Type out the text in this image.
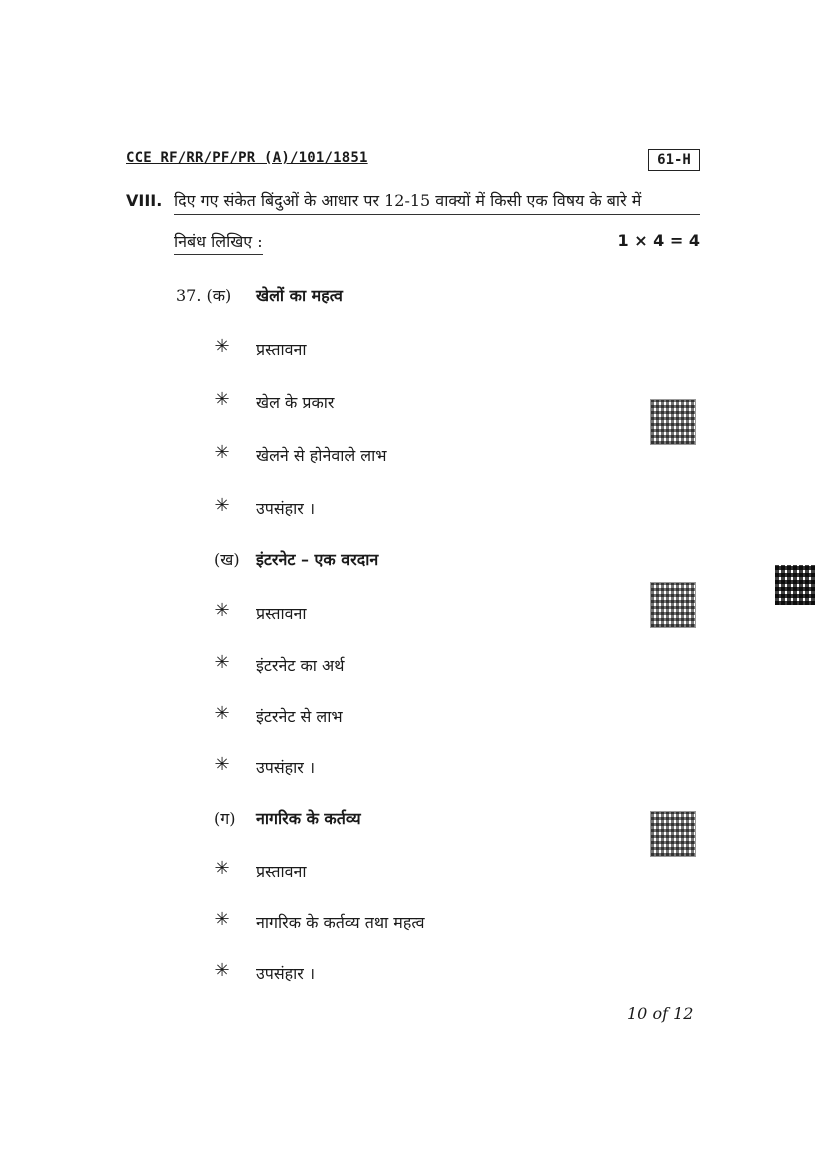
CCE RF/RR/PF/PR (A)/101/1851	61-H
VIII. दिए गए संकेत बिंदुओं के आधार पर 12-15 वाक्यों में किसी एक विषय के बारे में
निबंध लिखिए :	1 × 4 = 4
37. (क) खेलों का महत्व
✳ प्रस्तावना
✳ खेल के प्रकार
✳ खेलने से होनेवाले लाभ
✳ उपसंहार ।
(ख) इंटरनेट – एक वरदान
✳ प्रस्तावना
✳ इंटरनेट का अर्थ
✳ इंटरनेट से लाभ
✳ उपसंहार ।
(ग) नागरिक के कर्तव्य
✳ प्रस्तावना
✳ नागरिक के कर्तव्य तथा महत्व
✳ उपसंहार ।
10 of 12
